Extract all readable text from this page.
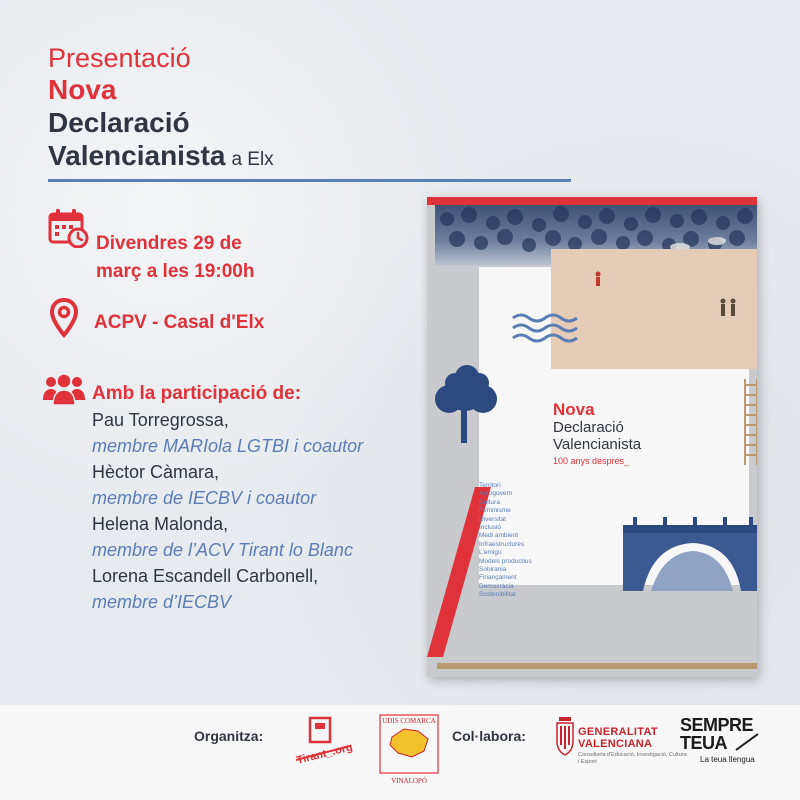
Presentació
Nova
Declaració
Valencianista a Elx
Divendres 29 de
març a les 19:00h
ACPV - Casal d'Elx
Amb la participació de:
Pau Torregrossa,
membre MARIola LGTBI i coautor
Hèctor Càmara,
membre de IECBV i coautor
Helena Malonda,
membre de l’ACV Tirant lo Blanc
Lorena Escandell Carbonell,
membre d’IECBV
Nova
Declaració
Valencianista
100 anys després_
Territori
Autogovern
Cultura
Feminisme
Diversitat
Inclusió
Medi ambient
Infraestructures
L'emigu
Models productius
Sobirania
Finançament
Democràcia
Sostenibilitat
Organitza:
Tirant_.org
UDIS COMARCA
VINALOPÓ
Col·labora:	GENERALITAT
VALENCIANA
Conselleria d'Educació, Investigació, Cultura i Esport
SEMPRE
TEUA
La teua llengua
